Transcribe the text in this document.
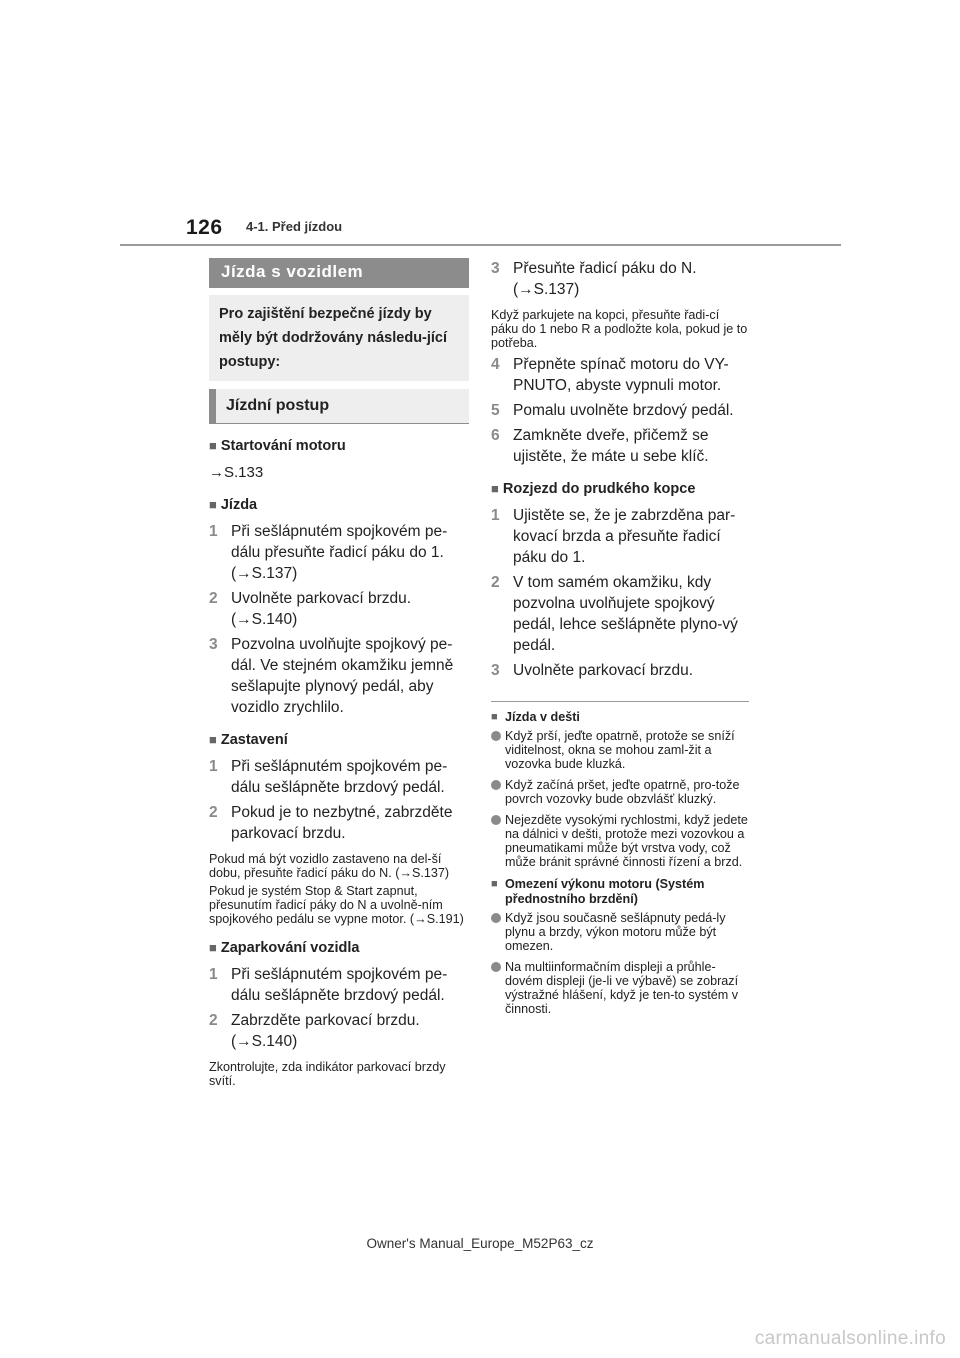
126 4-1. Před jízdou
Jízda s vozidlem
Pro zajištění bezpečné jízdy by měly být dodržovány následu-jící postupy:
Jízdní postup
■ Startování motoru
→S.133
■ Jízda
1 Při sešlápnutém spojkovém pe-dálu přesuňte řadicí páku do 1. (→S.137)
2 Uvolněte parkovací brzdu. (→S.140)
3 Pozvolna uvolňujte spojkový pe-dál. Ve stejném okamžiku jemně sešlapujte plynový pedál, aby vozidlo zrychlilo.
■ Zastavení
1 Při sešlápnutém spojkovém pe-dálu sešlápněte brzdový pedál.
2 Pokud je to nezbytné, zabrzděte parkovací brzdu.
Pokud má být vozidlo zastaveno na del-ší dobu, přesuňte řadicí páku do N. (→S.137)
Pokud je systém Stop & Start zapnut, přesunutím řadicí páky do N a uvolně-ním spojkového pedálu se vypne motor. (→S.191)
■ Zaparkování vozidla
1 Při sešlápnutém spojkovém pe-dálu sešlápněte brzdový pedál.
2 Zabrzděte parkovací brzdu. (→S.140)
Zkontrolujte, zda indikátor parkovací brzdy svítí.
3 Přesuňte řadicí páku do N. (→S.137)
Když parkujete na kopci, přesuňte řadi-cí páku do 1 nebo R a podložte kola, pokud je to potřeba.
4 Přepněte spínač motoru do VY-PNUTO, abyste vypnuli motor.
5 Pomalu uvolněte brzdový pedál.
6 Zamkněte dveře, přičemž se ujistěte, že máte u sebe klíč.
■ Rozjezd do prudkého kopce
1 Ujistěte se, že je zabrzděna par-kovací brzda a přesuňte řadicí páku do 1.
2 V tom samém okamžiku, kdy pozvolna uvolňujete spojkový pedál, lehce sešlápněte plyno-vý pedál.
3 Uvolněte parkovací brzdu.
■ Jízda v dešti
Když prší, jeďte opatrně, protože se sníží viditelnost, okna se mohou zaml-žit a vozovka bude kluzká.
Když začíná pršet, jeďte opatrně, pro-tože povrch vozovky bude obzvlášť kluzký.
Nejezděte vysokými rychlostmi, když jedete na dálnici v dešti, protože mezi vozovkou a pneumatikami může být vrstva vody, což může bránit správné činnosti řízení a brzd.
■ Omezení výkonu motoru (Systém přednostního brzdění)
Když jsou současně sešlápnuty pedá-ly plynu a brzdy, výkon motoru může být omezen.
Na multiinformačním displeji a průhle-dovém displeji (je-li ve výbavě) se zobrazí výstražné hlášení, když je ten-to systém v činnosti.
Owner's Manual_Europe_M52P63_cz
carmanualsonline.info
